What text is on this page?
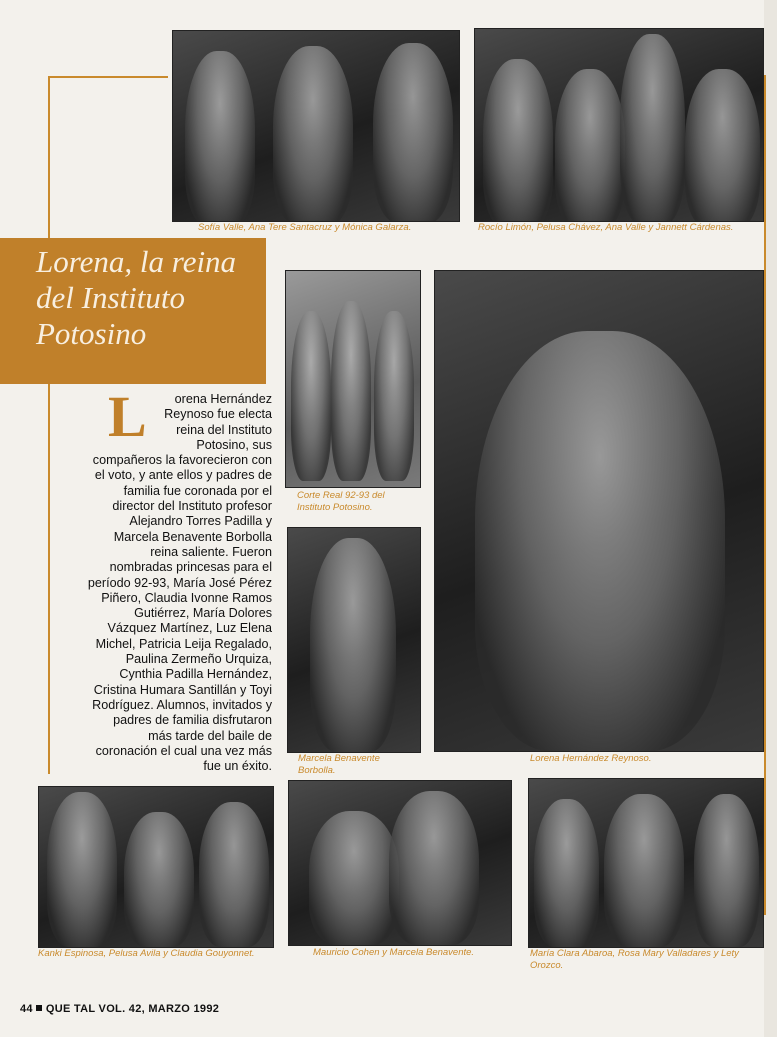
Sofía Valle, Ana Tere Santacruz y Mónica Galarza.	Rocío Limón, Pelusa Chávez, Ana Valle y Jannett Cárdenas.
Lorena, la reina del Instituto Potosino
L orena Hernández Reynoso fue electa reina del Instituto Potosino, sus compañeros la favorecieron con el voto, y ante ellos y padres de familia fue coronada por el director del Instituto profesor Alejandro Torres Padilla y Marcela Benavente Borbolla reina saliente. Fueron nombradas princesas para el período 92-93, María José Pérez Piñero, Claudia Ivonne Ramos Gutiérrez, María Dolores Vázquez Martínez, Luz Elena Michel, Patricia Leija Regalado, Paulina Zermeño Urquiza, Cynthia Padilla Hernández, Cristina Humara Santillán y Toyi Rodríguez. Alumnos, invitados y padres de familia disfrutaron más tarde del baile de coronación el cual una vez más fue un éxito.
Corte Real 92-93 del Instituto Potosino.
Marcela Benavente Borbolla.
Lorena Hernández Reynoso.
Kanki Espinosa, Pelusa Avila y Claudia Gouyonnet.	Mauricio Cohen y Marcela Benavente.	María Clara Abaroa, Rosa Mary Valladares y Lety Orozco.
44 QUE TAL VOL. 42, MARZO 1992
